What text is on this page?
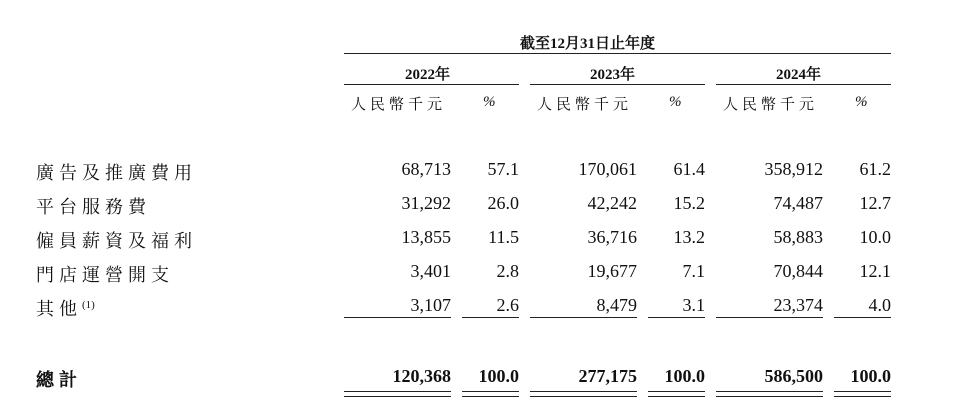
截至12月31日止年度
2022年	2023年	2024年
人民幣千元 %	人民幣千元 %	人民幣千元 %
廣告及推廣費用	68,713	57.1	170,061	61.4	358,912	61.2
平台服務費	31,292	26.0	42,242	15.2	74,487	12.7
僱員薪資及福利	13,855	11.5	36,716	13.2	58,883	10.0
門店運營開支	3,401	2.8	19,677	7.1	70,844	12.1
其他$^{(1)}$	3,107	2.6	8,479	3.1	23,374	4.0
總計	120,368	100.0	277,175	100.0	586,500	100.0
